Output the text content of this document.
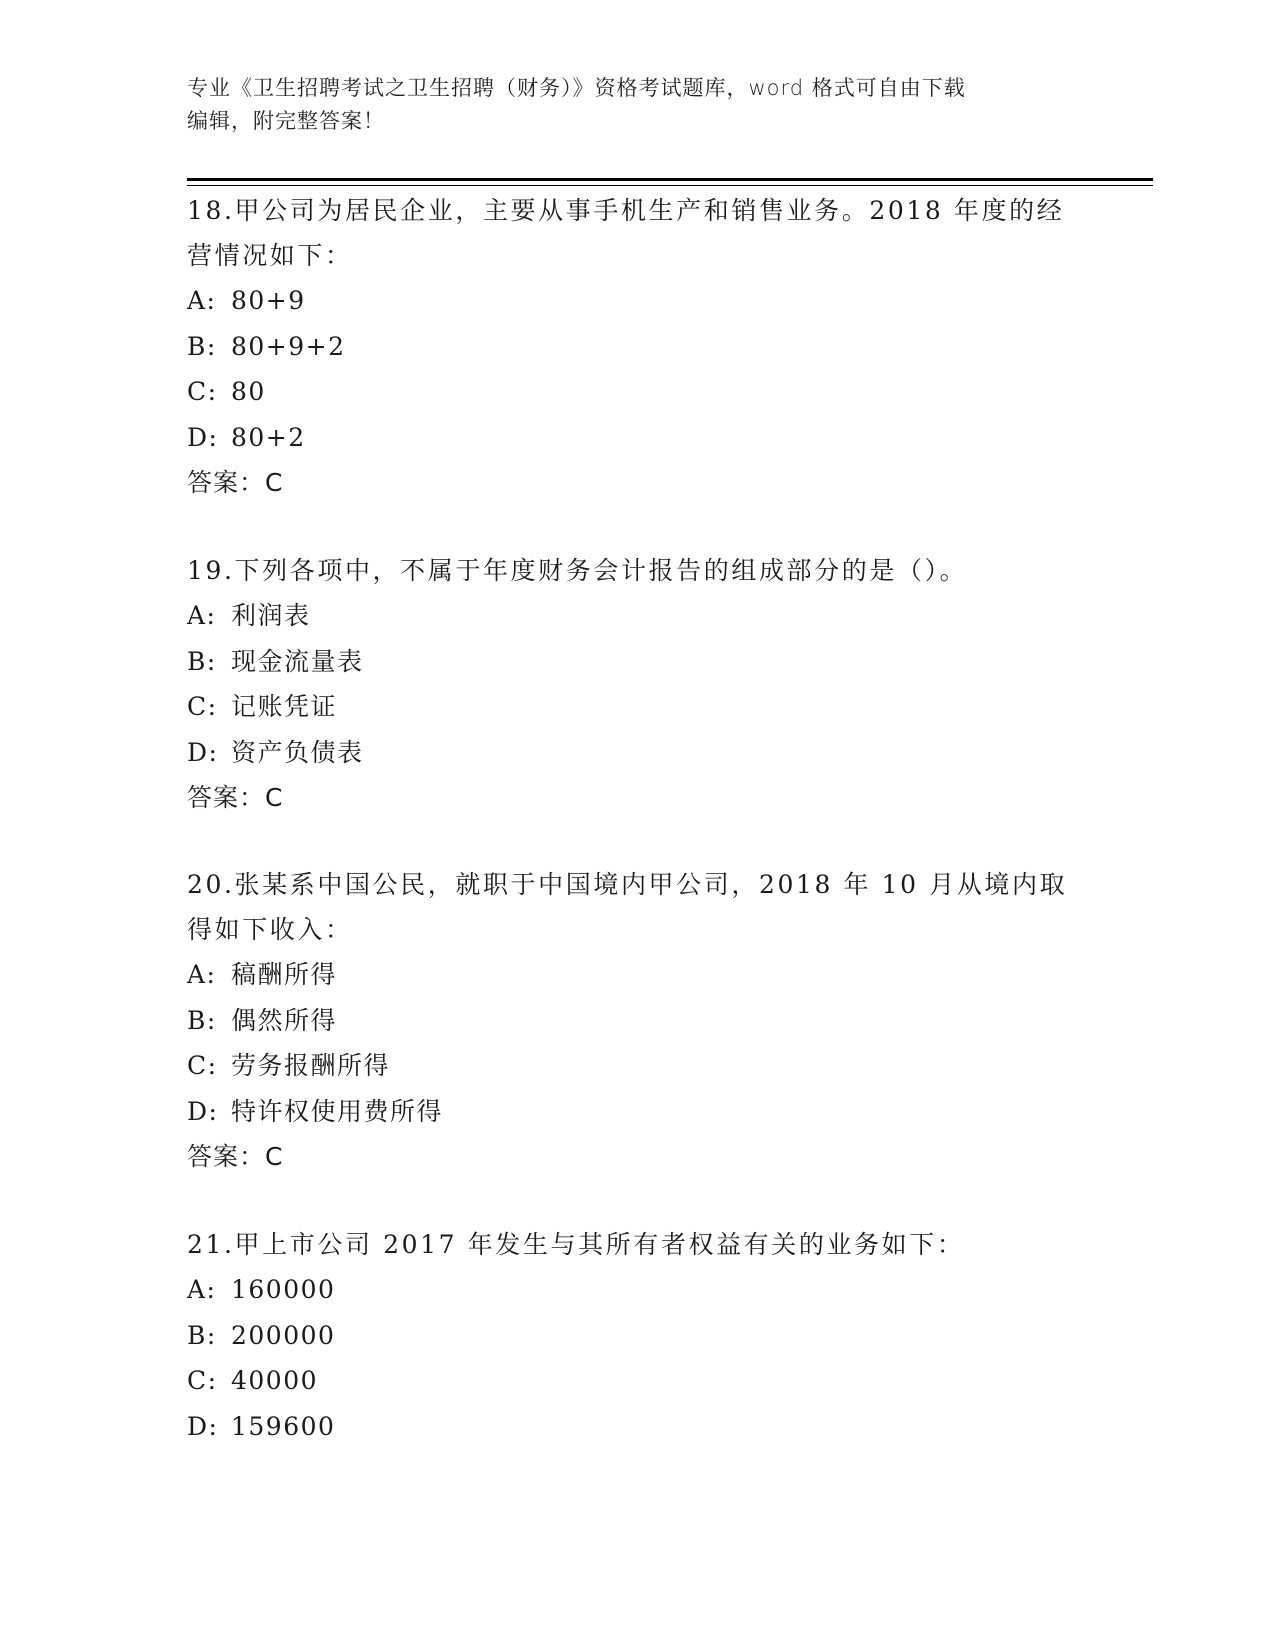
专业《卫生招聘考试之卫生招聘（财务）》资格考试题库，word 格式可自由下载
编辑，附完整答案！
18.甲公司为居民企业，主要从事手机生产和销售业务。2018 年度的经
营情况如下：
A: 80+9
B: 80+9+2
C: 80
D: 80+2
答案：C
19.下列各项中，不属于年度财务会计报告的组成部分的是（）。
A: 利润表
B: 现金流量表
C: 记账凭证
D: 资产负债表
答案：C
20.张某系中国公民，就职于中国境内甲公司，2018 年 10 月从境内取
得如下收入：
A: 稿酬所得
B: 偶然所得
C: 劳务报酬所得
D: 特许权使用费所得
答案：C
21.甲上市公司 2017 年发生与其所有者权益有关的业务如下：
A: 160000
B: 200000
C: 40000
D: 159600
